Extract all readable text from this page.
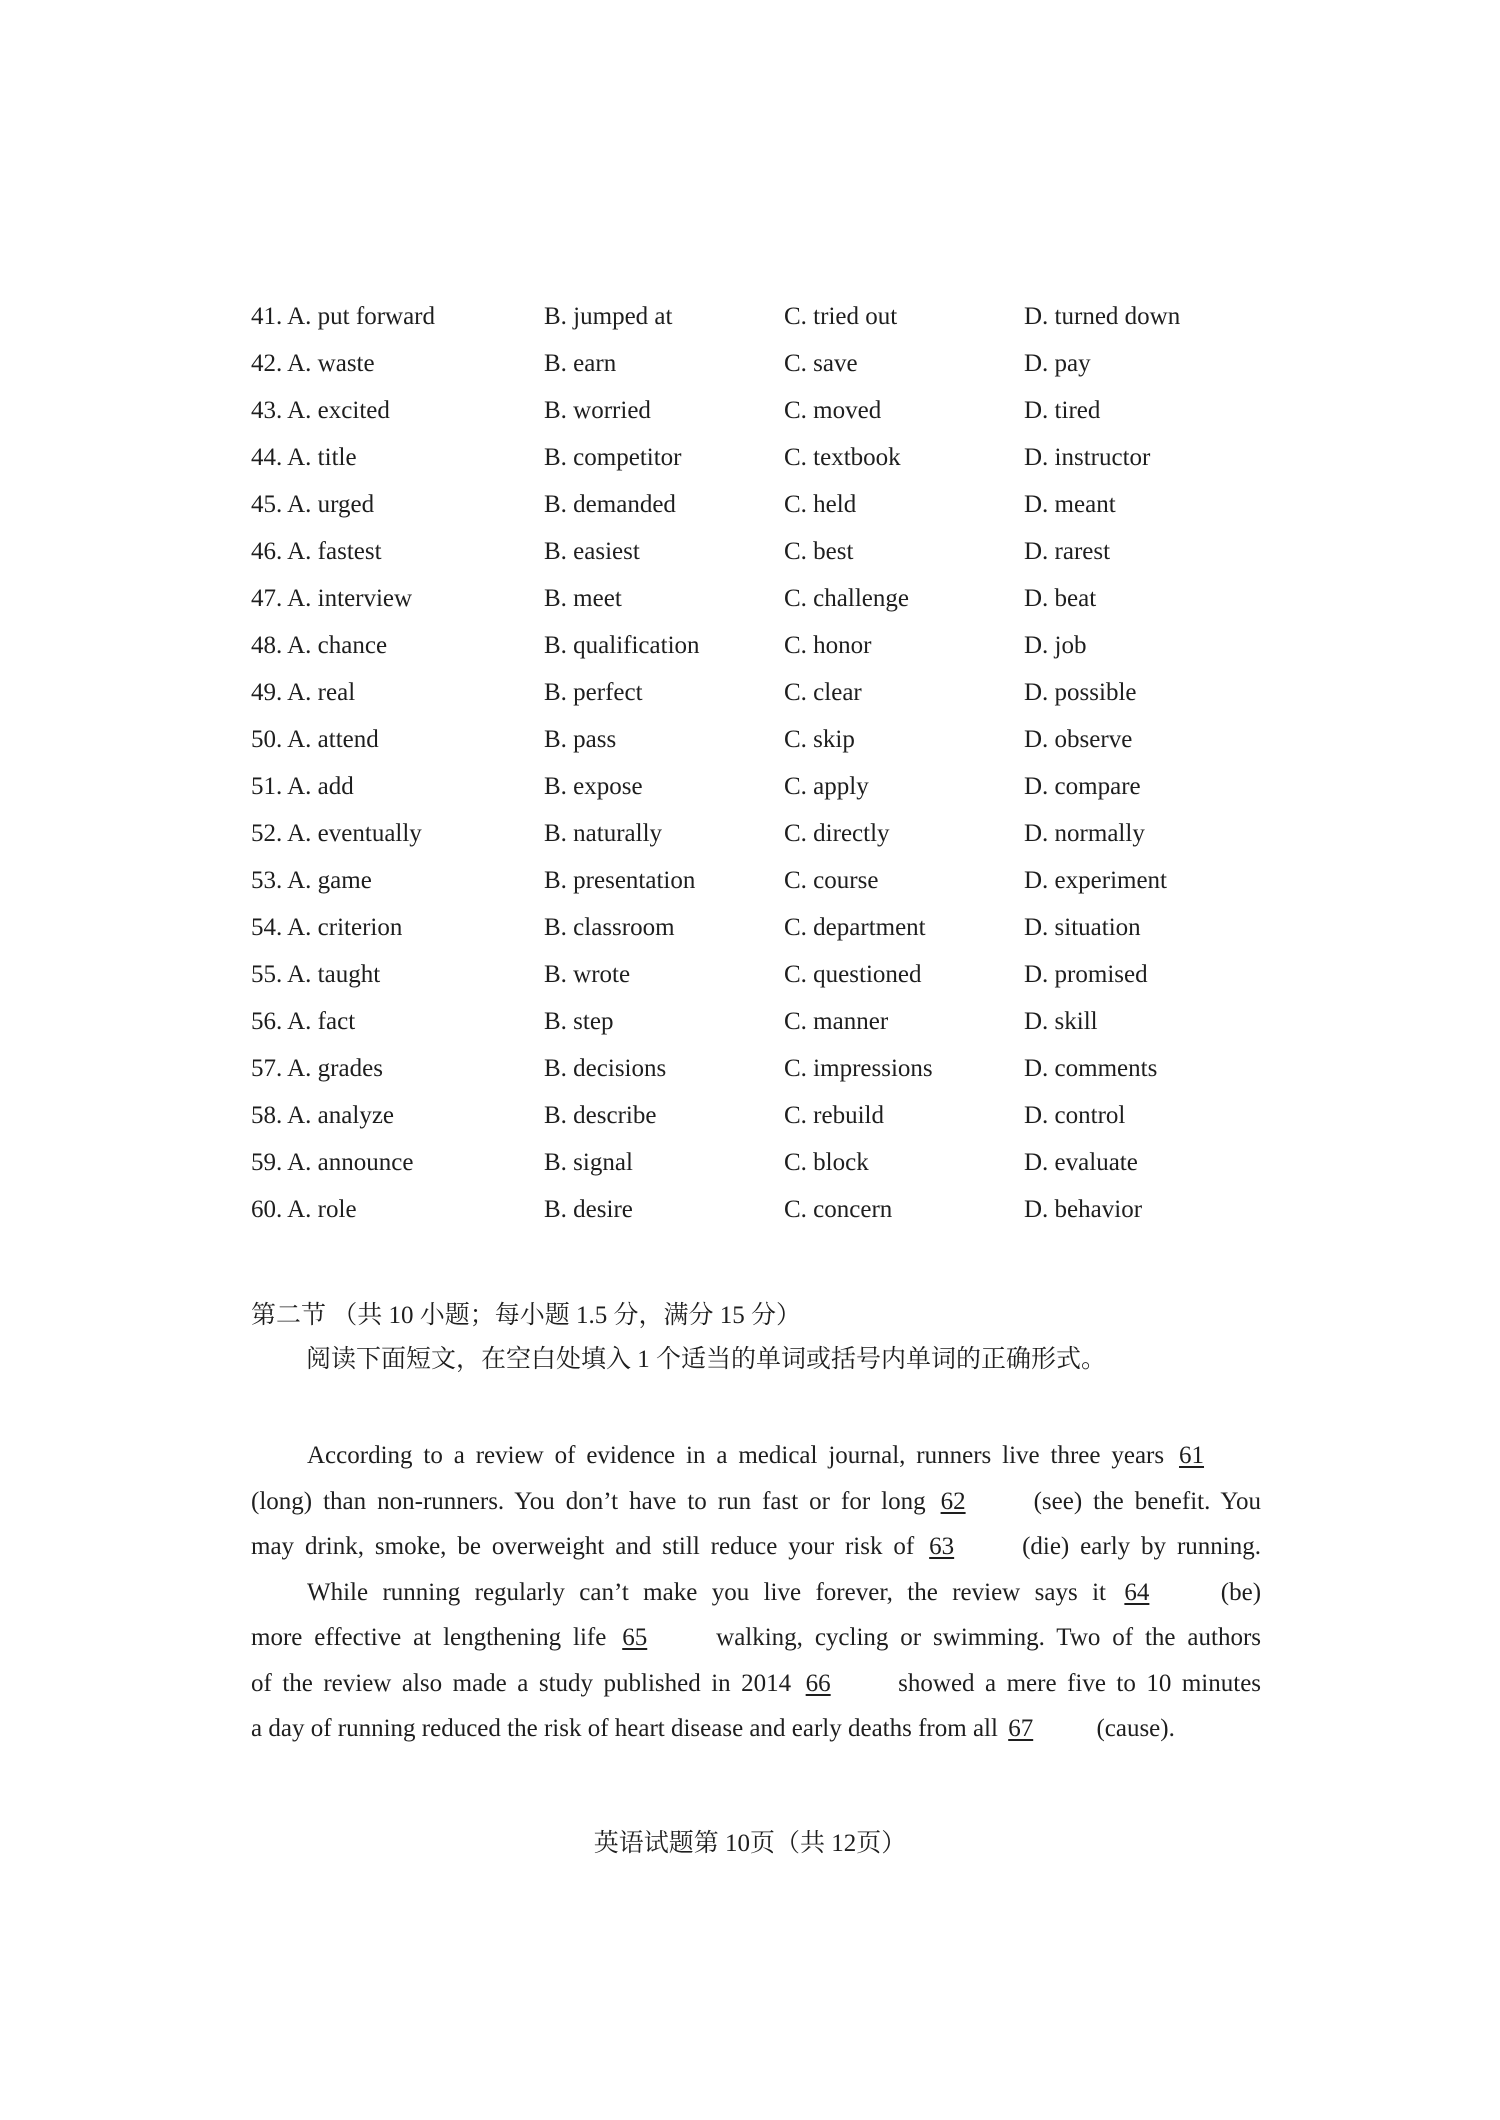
41. A. put forward	B. jumped at	C. tried out	D. turned down
42. A. waste	B. earn	C. save	D. pay
43. A. excited	B. worried	C. moved	D. tired
44. A. title	B. competitor	C. textbook	D. instructor
45. A. urged	B. demanded	C. held	D. meant
46. A. fastest	B. easiest	C. best	D. rarest
47. A. interview	B. meet	C. challenge	D. beat
48. A. chance	B. qualification	C. honor	D. job
49. A. real	B. perfect	C. clear	D. possible
50. A. attend	B. pass	C. skip	D. observe
51. A. add	B. expose	C. apply	D. compare
52. A. eventually	B. naturally	C. directly	D. normally
53. A. game	B. presentation	C. course	D. experiment
54. A. criterion	B. classroom	C. department	D. situation
55. A. taught	B. wrote	C. questioned	D. promised
56. A. fact	B. step	C. manner	D. skill
57. A. grades	B. decisions	C. impressions	D. comments
58. A. analyze	B. describe	C. rebuild	D. control
59. A. announce	B. signal	C. block	D. evaluate
60. A. role	B. desire	C. concern	D. behavior
第二节 （共 10 小题；每小题 1.5 分，满分 15 分）
阅读下面短文，在空白处填入 1 个适当的单词或括号内单词的正确形式。
According to a review of evidence in a medical journal, runners live three years 61
(long) than non-runners. You don’t have to run fast or for long 62	(see) the benefit. You
may drink, smoke, be overweight and still reduce your risk of 63	(die) early by running.
While running regularly can’t make you live forever, the review says it 64	(be)
more effective at lengthening life 65	walking, cycling or swimming. Two of the authors
of the review also made a study published in 2014 66	showed a mere five to 10 minutes
a day of running reduced the risk of heart disease and early deaths from all 67	(cause).
英语试题第 10页（共 12页）
